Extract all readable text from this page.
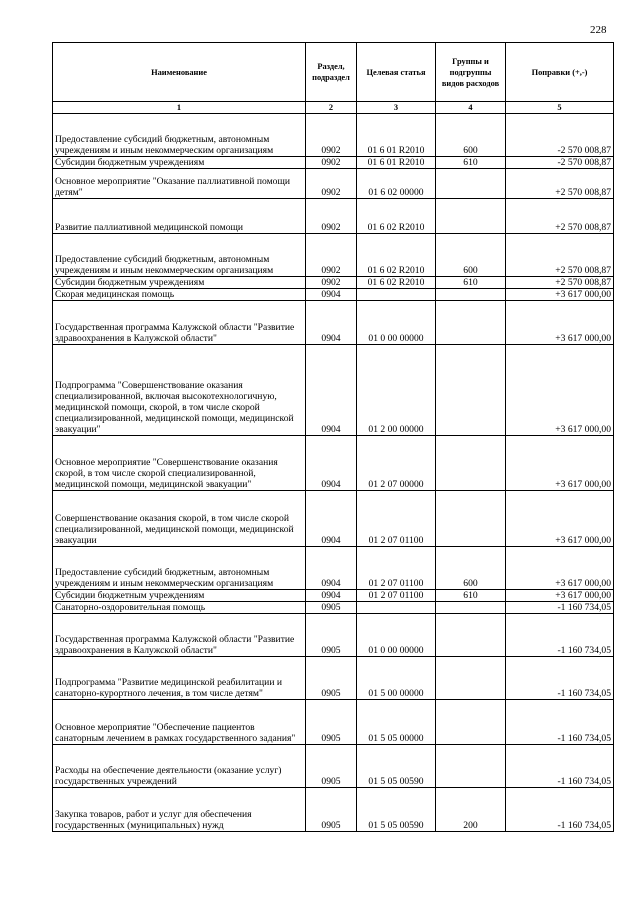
228
Наименование	Раздел, подраздел	Целевая статья	Группы и подгруппы видов расходов	Поправки (+,-)
1	2	3	4	5
Предоставление субсидий бюджетным, автономным учреждениям и иным некоммерческим организациям	0902	01 6 01 R2010	600	-2 570 008,87
Субсидии бюджетным учреждениям	0902	01 6 01 R2010	610	-2 570 008,87
Основное мероприятие "Оказание паллиативной помощи детям"	0902	01 6 02 00000		+2 570 008,87
Развитие паллиативной медицинской помощи	0902	01 6 02 R2010		+2 570 008,87
Предоставление субсидий бюджетным, автономным учреждениям и иным некоммерческим организациям	0902	01 6 02 R2010	600	+2 570 008,87
Субсидии бюджетным учреждениям	0902	01 6 02 R2010	610	+2 570 008,87
Скорая медицинская помощь	0904			+3 617 000,00
Государственная программа Калужской области "Развитие здравоохранения в Калужской области"	0904	01 0 00 00000		+3 617 000,00
Подпрограмма "Совершенствование оказания специализированной, включая высокотехнологичную, медицинской помощи, скорой, в том числе скорой специализированной, медицинской помощи, медицинской эвакуации"	0904	01 2 00 00000		+3 617 000,00
Основное мероприятие "Совершенствование оказания скорой, в том числе скорой специализированной, медицинской помощи, медицинской эвакуации"	0904	01 2 07 00000		+3 617 000,00
Совершенствование оказания скорой, в том числе скорой специализированной, медицинской помощи, медицинской эвакуации	0904	01 2 07 01100		+3 617 000,00
Предоставление субсидий бюджетным, автономным учреждениям и иным некоммерческим организациям	0904	01 2 07 01100	600	+3 617 000,00
Субсидии бюджетным учреждениям	0904	01 2 07 01100	610	+3 617 000,00
Санаторно-оздоровительная помощь	0905			-1 160 734,05
Государственная программа Калужской области "Развитие здравоохранения в Калужской области"	0905	01 0 00 00000		-1 160 734,05
Подпрограмма "Развитие медицинской реабилитации и санаторно-курортного лечения, в том числе детям"	0905	01 5 00 00000		-1 160 734,05
Основное мероприятие "Обеспечение пациентов санаторным лечением в рамках государственного задания"	0905	01 5 05 00000		-1 160 734,05
Расходы на обеспечение деятельности (оказание услуг) государственных учреждений	0905	01 5 05 00590		-1 160 734,05
Закупка товаров, работ и услуг для обеспечения государственных (муниципальных) нужд	0905	01 5 05 00590	200	-1 160 734,05
